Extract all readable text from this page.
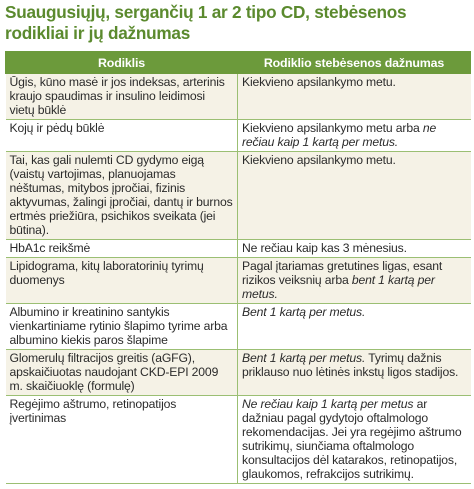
Suaugusiųjų, sergančių 1 ar 2 tipo CD, stebėsenos rodikliai ir jų dažnumas
Rodiklis	Rodiklio stebėsenos dažnumas
Ūgis, kūno masė ir jos indeksas, arterinis kraujo spaudimas ir insulino leidimosi vietų būklė	Kiekvieno apsilankymo metu.
Kojų ir pėdų būklė	Kiekvieno apsilankymo metu arba ne rečiau kaip 1 kartą per metus.
Tai, kas gali nulemti CD gydymo eigą (vaistų vartojimas, planuojamas nėštumas, mitybos įpročiai, fizinis aktyvumas, žalingi įpročiai, dantų ir burnos ertmės priežiūra, psichikos sveikata (jei būtina).	Kiekvieno apsilankymo metu.
HbA1c reikšmė	Ne rečiau kaip kas 3 mėnesius.
Lipidograma, kitų laboratorinių tyrimų duomenys	Pagal įtariamas gretutines ligas, esant rizikos veiksnių arba bent 1 kartą per metus.
Albumino ir kreatinino santykis vienkartiniame rytinio šlapimo tyrime arba albumino kiekis paros šlapime	Bent 1 kartą per metus.
Glomerulų filtracijos greitis (aGFG), apskaičiuotas naudojant CKD-EPI 2009 m. skaičiuoklę (formulę)	Bent 1 kartą per metus. Tyrimų dažnis priklauso nuo lėtinės inkstų ligos stadijos.
Regėjimo aštrumo, retinopatijos įvertinimas	Ne rečiau kaip 1 kartą per metus ar dažniau pagal gydytojo oftalmologo rekomendacijas. Jei yra regėjimo aštrumo sutrikimų, siunčiama oftalmologo konsultacijos dėl katarakos, retinopatijos, glaukomos, refrakcijos sutrikimų.
